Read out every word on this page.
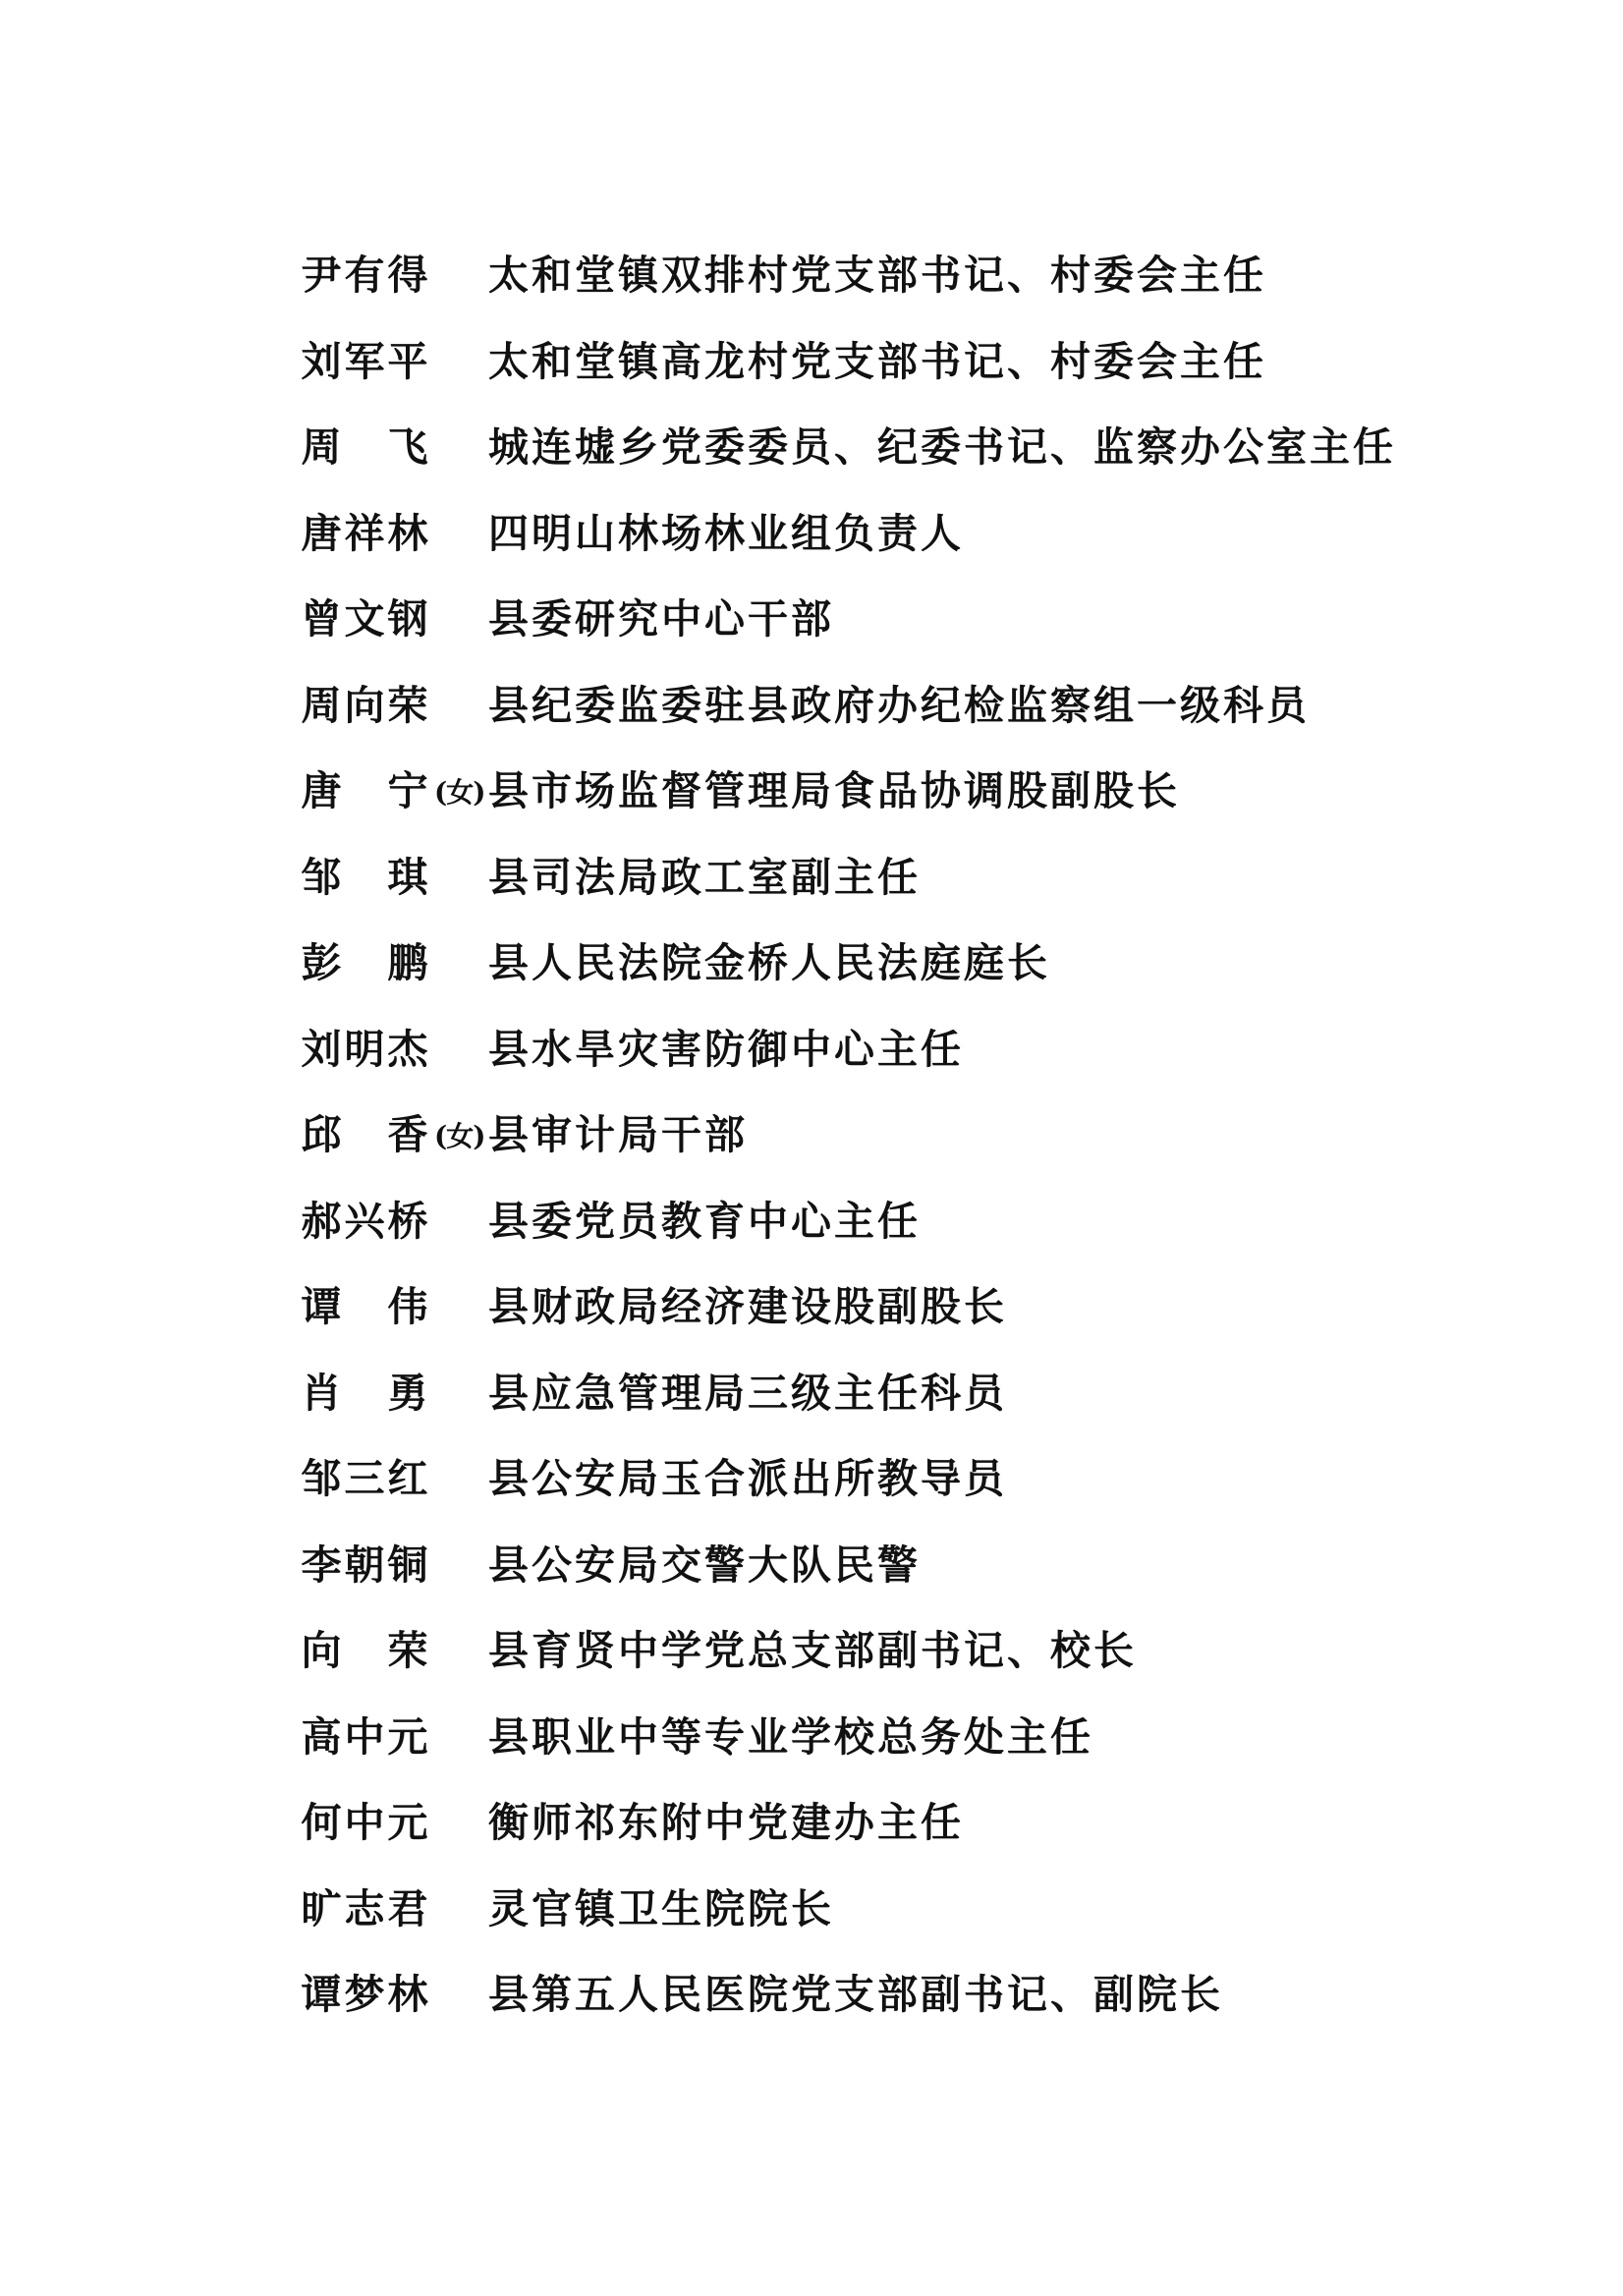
尹 有 得 太和堂镇双排村党支部书记、村委会主任
刘 军 平 太和堂镇高龙村党支部书记、村委会主任
周 飞 城连墟乡党委委员、纪委书记、监察办公室主任
唐 祥 林 四明山林场林业组负责人
曾 文 钢 县委研究中心干部
周 向 荣 县纪委监委驻县政府办纪检监察组一级科员
唐 宁 (女) 县市场监督管理局食品协调股副股长
邹 琪 县司法局政工室副主任
彭 鹏 县人民法院金桥人民法庭庭长
刘 明 杰 县水旱灾害防御中心主任
邱 香 (女) 县审计局干部
郝 兴 桥 县委党员教育中心主任
谭 伟 县财政局经济建设股副股长
肖 勇 县应急管理局三级主任科员
邹 三 红 县公安局玉合派出所教导员
李 朝 铜 县公安局交警大队民警
向 荣 县育贤中学党总支部副书记、校长
高 中 元 县职业中等专业学校总务处主任
何 中 元 衡师祁东附中党建办主任
旷 志 君 灵官镇卫生院院长
谭 梦 林 县第五人民医院党支部副书记、副院长
